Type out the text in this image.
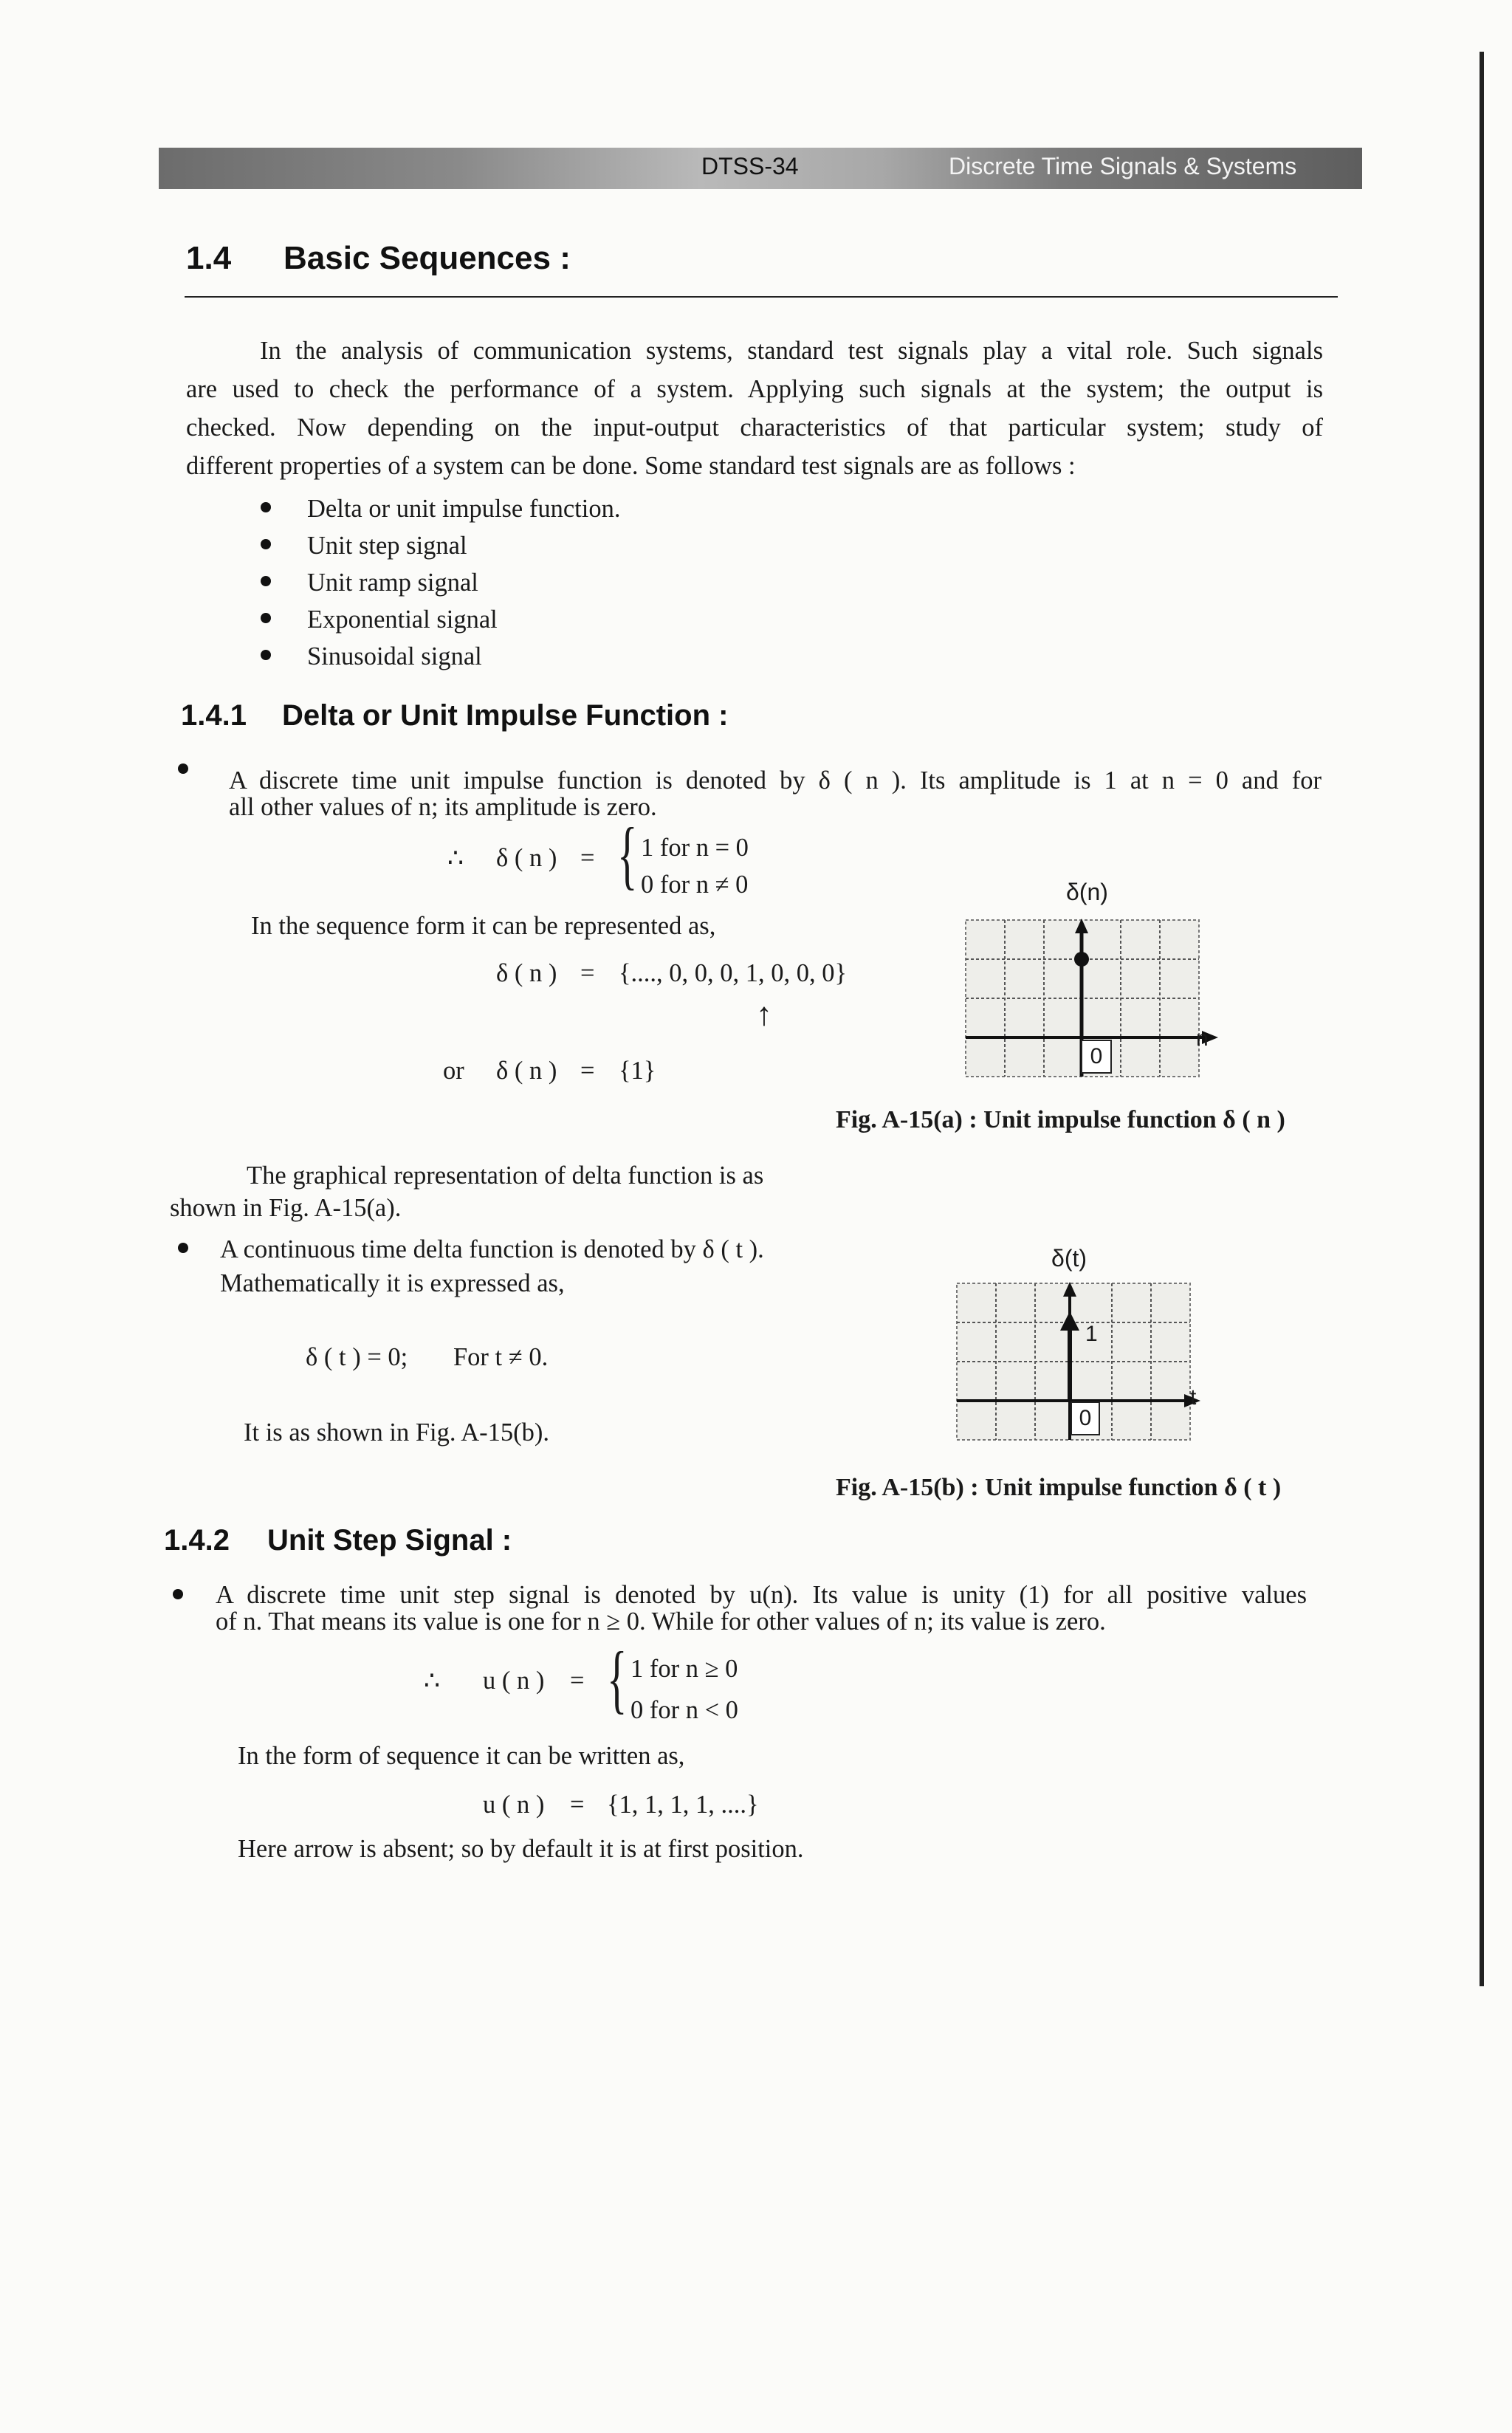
DTSS-34	Discrete Time Signals & Systems
1.4 Basic Sequences :
In the analysis of communication systems, standard test signals play a vital role. Such signals
are used to check the performance of a system. Applying such signals at the system; the output is
checked. Now depending on the input-output characteristics of that particular system; study of
different properties of a system can be done. Some standard test signals are as follows :
Delta or unit impulse function.
Unit step signal
Unit ramp signal
Exponential signal
Sinusoidal signal
1.4.1 Delta or Unit Impulse Function :
A discrete time unit impulse function is denoted by δ ( n ). Its amplitude is 1 at n = 0 and for
all other values of n; its amplitude is zero.
∴ δ ( n ) = { 1 for n = 0
0 for n ≠ 0
In the sequence form it can be represented as,
δ ( n ) = {...., 0, 0, 0, 1, 0, 0, 0}
↑
or δ ( n ) = {1}
δ(n)
n
0
Fig. A-15(a) : Unit impulse function δ ( n )
The graphical representation of delta function is as
shown in Fig. A-15(a).
A continuous time delta function is denoted by δ ( t ).
Mathematically it is expressed as,
δ ( t ) = 0; For t ≠ 0.
It is as shown in Fig. A-15(b).
δ(t)
1
t
0
Fig. A-15(b) : Unit impulse function δ ( t )
1.4.2 Unit Step Signal :
A discrete time unit step signal is denoted by u(n). Its value is unity (1) for all positive values
of n. That means its value is one for n ≥ 0. While for other values of n; its value is zero.
∴ u ( n ) = { 1 for n ≥ 0
0 for n < 0
In the form of sequence it can be written as,
u ( n ) = {1, 1, 1, 1, ....}
Here arrow is absent; so by default it is at first position.
